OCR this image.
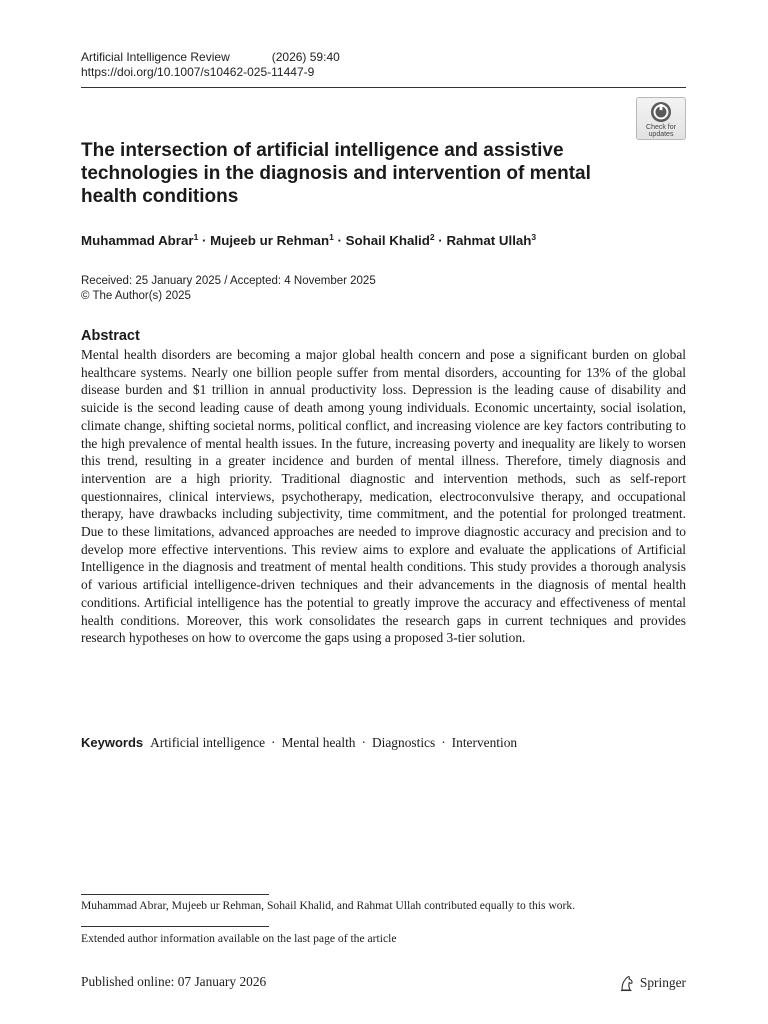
Artificial Intelligence Review	(2026) 59:40
https://doi.org/10.1007/s10462-025-11447-9
Check for
updates
The intersection of artificial intelligence and assistive technologies in the diagnosis and intervention of mental health conditions
Muhammad Abrar$^1$ · Mujeeb ur Rehman$^1$ · Sohail Khalid$^2$ · Rahmat Ullah$^3$
Received: 25 January 2025 / Accepted: 4 November 2025
© The Author(s) 2025
Abstract

Mental health disorders are becoming a major global health concern and pose a significant burden on global healthcare systems. Nearly one billion people suffer from mental disorders, accounting for 13% of the global disease burden and $1 trillion in annual productivity loss. Depression is the leading cause of disability and suicide is the second leading cause of death among young individuals. Economic uncertainty, social isolation, climate change, shifting societal norms, political conflict, and increasing violence are key factors contributing to the high prevalence of mental health issues. In the future, increasing poverty and inequality are likely to worsen this trend, resulting in a greater incidence and burden of mental illness. Therefore, timely diagnosis and intervention are a high priority. Traditional diagnostic and intervention methods, such as self-report questionnaires, clinical interviews, psychotherapy, medication, electroconvulsive therapy, and occupational therapy, have drawbacks including subjectivity, time commitment, and the potential for prolonged treatment. Due to these limitations, advanced approaches are needed to improve diagnostic accuracy and precision and to develop more effective interventions. This review aims to explore and evaluate the applications of Artificial Intelligence in the diagnosis and treatment of mental health conditions. This study provides a thorough analysis of various artificial intelligence-driven techniques and their advancements in the diagnosis of mental health conditions. Artificial intelligence has the potential to greatly improve the accuracy and effectiveness of mental health conditions. Moreover, this work consolidates the research gaps in current techniques and provides research hypotheses on how to overcome the gaps using a proposed 3-tier solution.

Keywords Artificial intelligence · Mental health · Diagnostics · Intervention
Muhammad Abrar, Mujeeb ur Rehman, Sohail Khalid, and Rahmat Ullah contributed equally to this work.
Extended author information available on the last page of the article
Published online: 07 January 2026	Springer
